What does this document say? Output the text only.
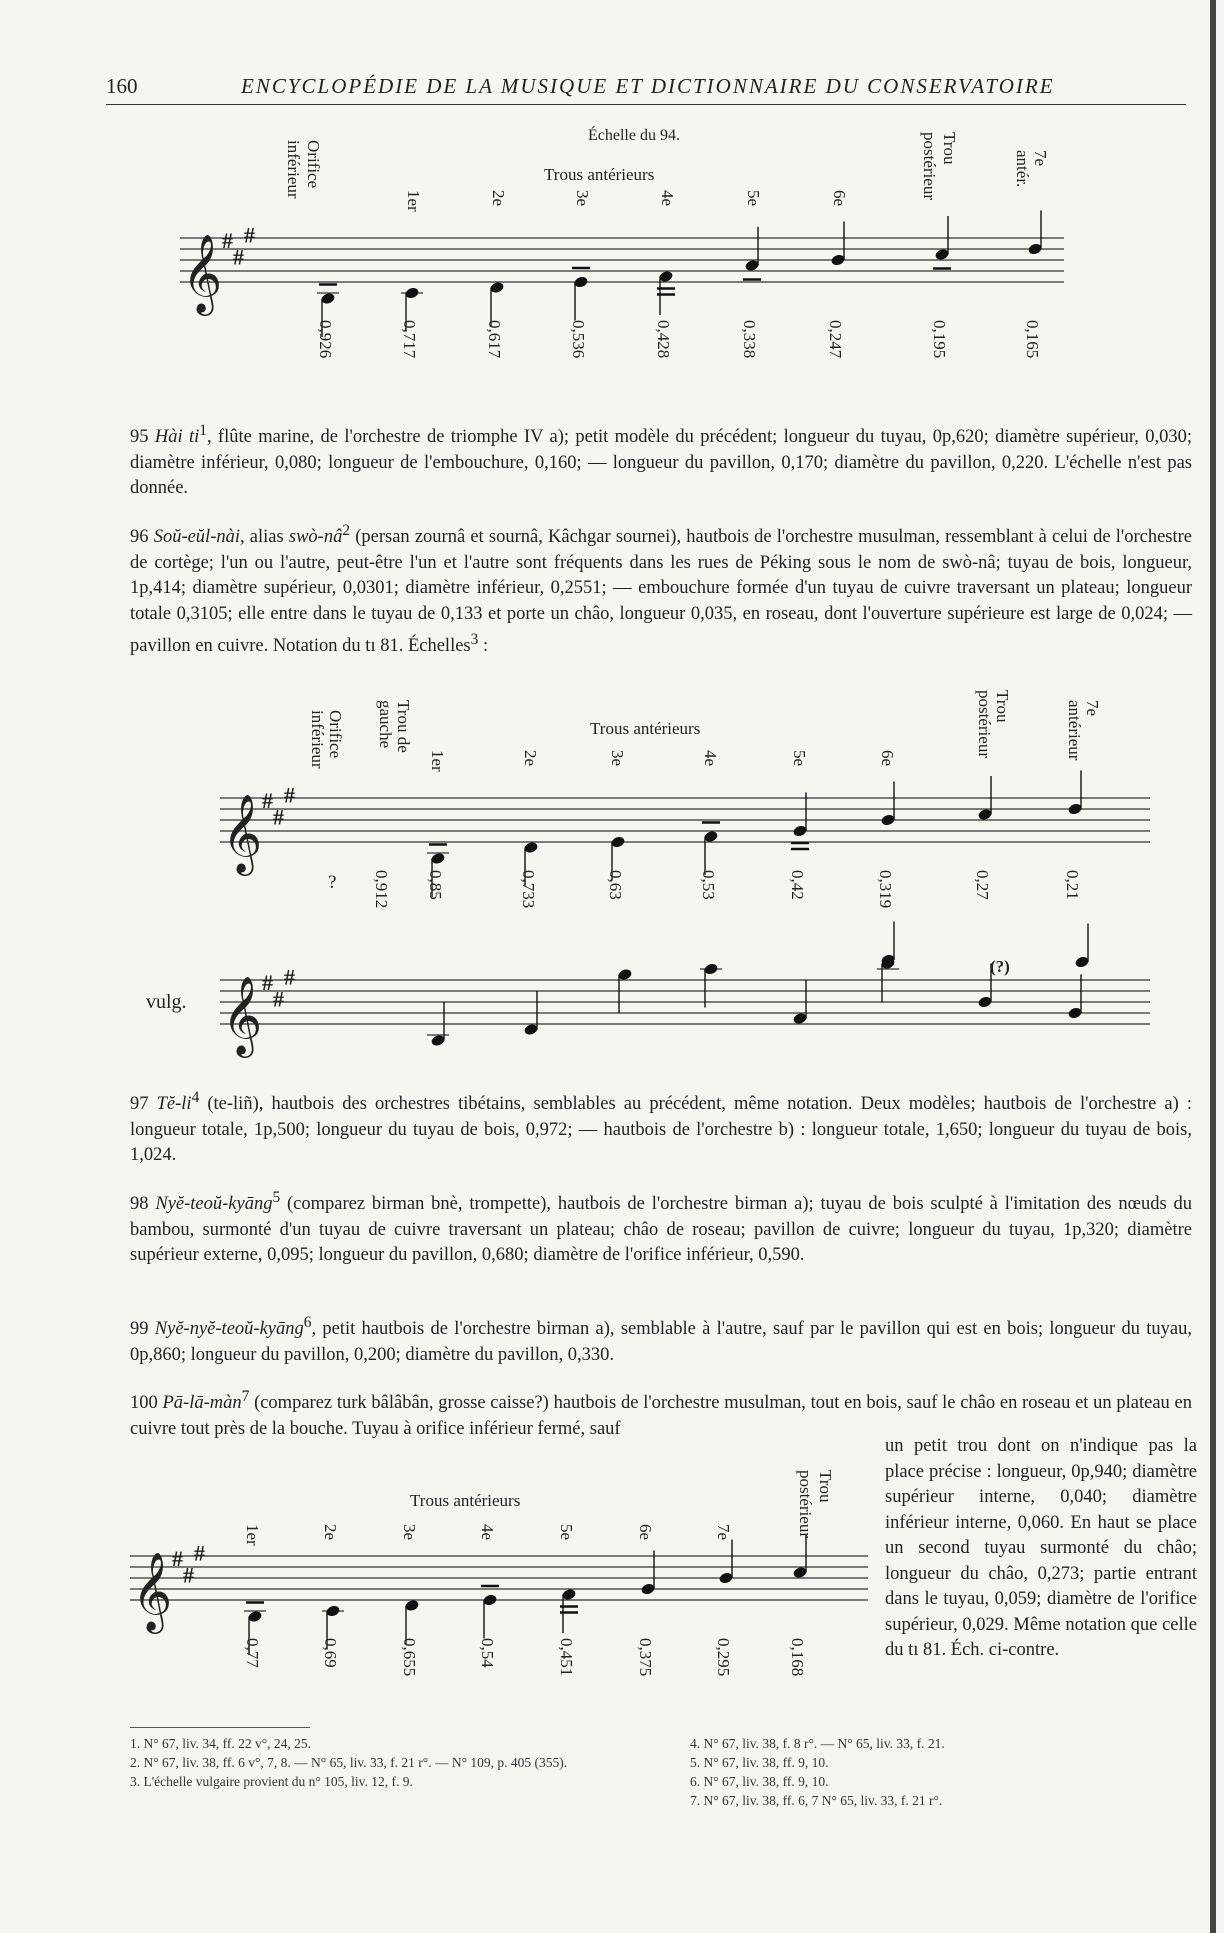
160	ENCYCLOPÉDIE DE LA MUSIQUE ET DICTIONNAIRE DU CONSERVATOIRE
Échelle du 94.
Trous antérieurs
𝄞 #
#
#
Orifice
inférieur
0,926
1er
0,717
2e
0,617
3e
0,536
4e
0,428
5e
0,338
6e
0,247
Trou
postérieur
0,195
7e
antér.
0,165

95 Hài $ti^1$, flûte marine, de l'orchestre de triomphe IV a); petit modèle du précédent; longueur du tuyau, 0p,620; diamètre supérieur, 0,030; diamètre inférieur, 0,080; longueur de l'embouchure, 0,160; — longueur du pavillon, 0,170; diamètre du pavillon, 0,220. L'échelle n'est pas donnée.

96 Soŭ-eŭl-nài, alias swò-$nâ^2$ (persan zournâ et sournâ, Kâchgar sournei), hautbois de l'orchestre musulman, ressemblant à celui de l'orchestre de cortège; l'un ou l'autre, peut-être l'un et l'autre sont fréquents dans les rues de Péking sous le nom de swò-nâ; tuyau de bois, longueur, 1p,414; diamètre supérieur, 0,0301; diamètre inférieur, 0,2551; — embouchure formée d'un tuyau de cuivre traversant un plateau; longueur totale 0,3105; elle entre dans le tuyau de 0,133 et porte un châo, longueur 0,035, en roseau, dont l'ouverture supérieure est large de 0,024; — pavillon en cuivre. Notation du tı 81. Échelles$^3$ :

Trous antérieurs
𝄞 #
#
#
Orifice
inférieur
?
Trou de
gauche
0,912
1er
0,85
2e
0,733
3e
0,63
4e
0,53
5e
0,42
6e
0,319
Trou
postérieur
0,27
7e
antérieur
0,21
vulg. 𝄞 #
#
#	(?)

97 $Tĕ-li^4$ (te-liñ), hautbois des orchestres tibétains, semblables au précédent, même notation. Deux modèles; hautbois de l'orchestre a) : longueur totale, 1p,500; longueur du tuyau de bois, 0,972; — hautbois de l'orchestre b) : longueur totale, 1,650; longueur du tuyau de bois, 1,024.

98 Nyĕ-teoŭ-kyāng$^5$ (comparez birman bnè, trompette), hautbois de l'orchestre birman a); tuyau de bois sculpté à l'imitation des nœuds du bambou, surmonté d'un tuyau de cuivre traversant un plateau; châo de roseau; pavillon de cuivre; longueur du tuyau, 1p,320; diamètre supérieur externe, 0,095; longueur du pavillon, 0,680; diamètre de l'orifice inférieur, 0,590.

99 Nyĕ-nyĕ-teoŭ-kyāng$^6$, petit hautbois de l'orchestre birman a), semblable à l'autre, sauf par le pavillon qui est en bois; longueur du tuyau, 0p,860; longueur du pavillon, 0,200; diamètre du pavillon, 0,330.

100 Pā-lā-màn$^7$ (comparez turk bâlâbân, grosse caisse?) hautbois de l'orchestre musulman, tout en bois, sauf le châo en roseau et un plateau en cuivre tout près de la bouche. Tuyau à orifice inférieur fermé, sauf

un petit trou dont on n'indique pas la place précise : longueur, 0p,940; diamètre supérieur interne, 0,040; diamètre inférieur interne, 0,060. En haut se place un second tuyau surmonté du châo; longueur du châo, 0,273; partie entrant dans le tuyau, 0,059; diamètre de l'orifice supérieur, 0,029. Même notation que celle du tı 81. Éch. ci-contre.

Trous antérieurs
𝄞 #
#
#
1er
0,77
2e
0,69
3e
0,655
4e
0,54
5e
0,451
6e
0,375
7e
0,295
Trou
postérieur
0,168
1. N° 67, liv. 34, ff. 22 v°, 24, 25.
2. N° 67, liv. 38, ff. 6 v°, 7, 8. — N° 65, liv. 33, f. 21 r°. — N° 109, p. 405 (355).
3. L'échelle vulgaire provient du n° 105, liv. 12, f. 9.
4. N° 67, liv. 38, f. 8 r°. — N° 65, liv. 33, f. 21.
5. N° 67, liv. 38, ff. 9, 10.
6. N° 67, liv. 38, ff. 9, 10.
7. N° 67, liv. 38, ff. 6, 7 N° 65, liv. 33, f. 21 r°.
